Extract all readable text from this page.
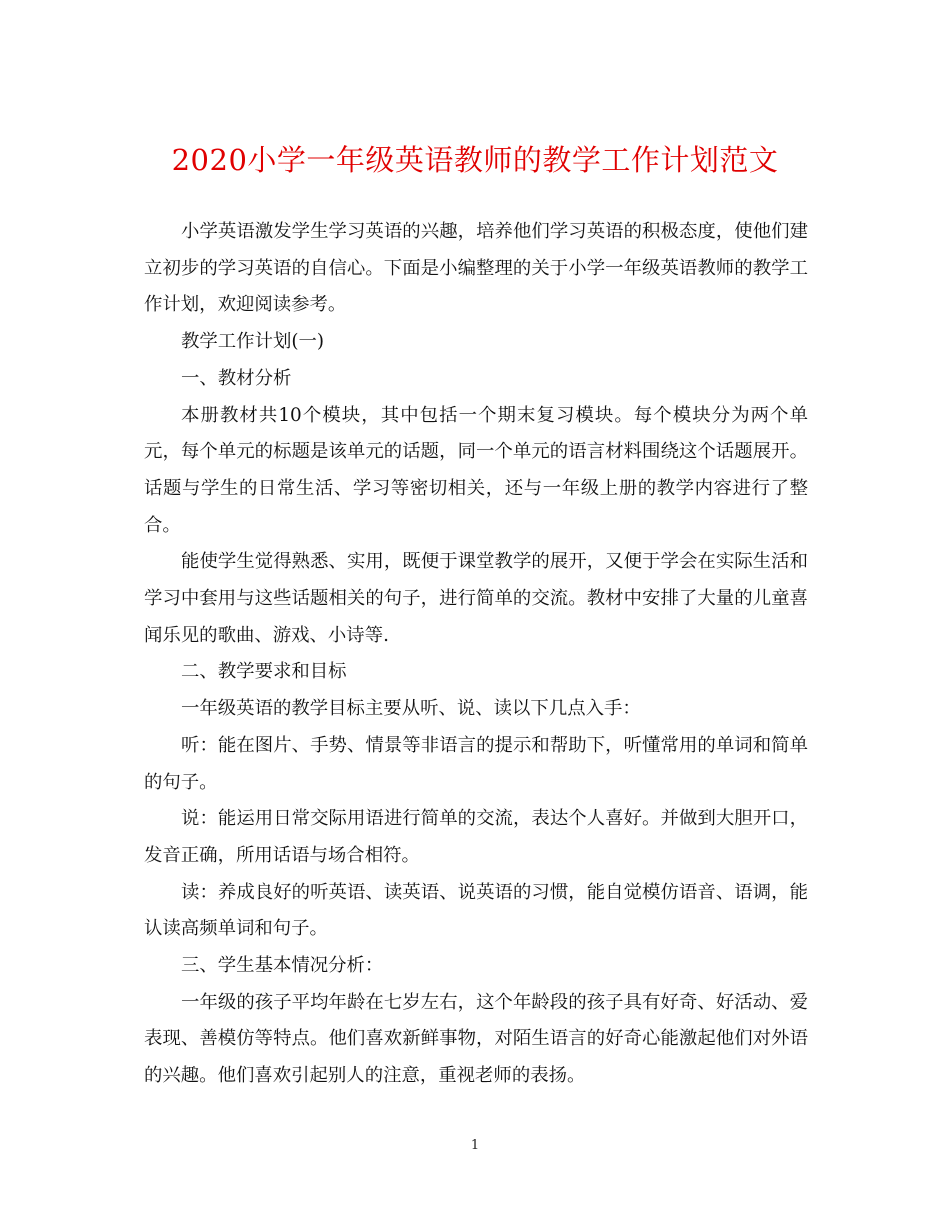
2020小学一年级英语教师的教学工作计划范文

小学英语激发学生学习英语的兴趣，培养他们学习英语的积极态度，使他们建立初步的学习英语的自信心。下面是小编整理的关于小学一年级英语教师的教学工作计划，欢迎阅读参考。

教学工作计划(一)

一、教材分析

本册教材共10个模块，其中包括一个期末复习模块。每个模块分为两个单元，每个单元的标题是该单元的话题，同一个单元的语言材料围绕这个话题展开。话题与学生的日常生活、学习等密切相关，还与一年级上册的教学内容进行了整合。

能使学生觉得熟悉、实用，既便于课堂教学的展开，又便于学会在实际生活和学习中套用与这些话题相关的句子，进行简单的交流。教材中安排了大量的儿童喜闻乐见的歌曲、游戏、小诗等.

二、教学要求和目标

一年级英语的教学目标主要从听、说、读以下几点入手：

听：能在图片、手势、情景等非语言的提示和帮助下，听懂常用的单词和简单的句子。

说：能运用日常交际用语进行简单的交流，表达个人喜好。并做到大胆开口，发音正确，所用话语与场合相符。

读：养成良好的听英语、读英语、说英语的习惯，能自觉模仿语音、语调，能认读高频单词和句子。

三、学生基本情况分析：

一年级的孩子平均年龄在七岁左右，这个年龄段的孩子具有好奇、好活动、爱表现、善模仿等特点。他们喜欢新鲜事物，对陌生语言的好奇心能激起他们对外语的兴趣。他们喜欢引起别人的注意，重视老师的表扬。

1
